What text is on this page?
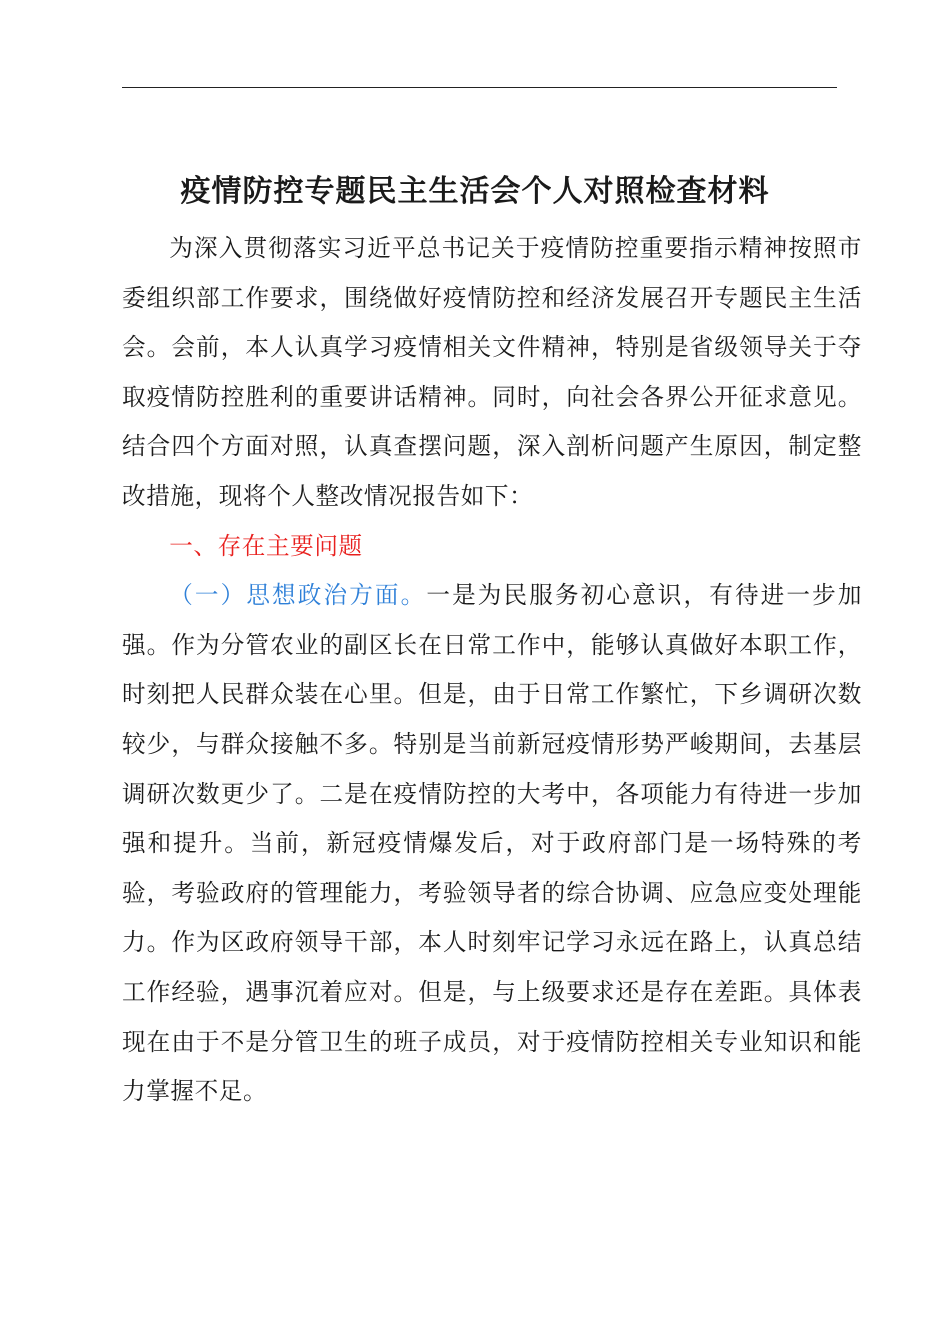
疫情防控专题民主生活会个人对照检查材料

为深入贯彻落实习近平总书记关于疫情防控重要指示精神按照市委组织部工作要求，围绕做好疫情防控和经济发展召开专题民主生活会。会前，本人认真学习疫情相关文件精神，特别是省级领导关于夺取疫情防控胜利的重要讲话精神。同时，向社会各界公开征求意见。结合四个方面对照，认真查摆问题，深入剖析问题产生原因，制定整改措施，现将个人整改情况报告如下：

一、存在主要问题

（一）思想政治方面。一是为民服务初心意识，有待进一步加强。作为分管农业的副区长在日常工作中，能够认真做好本职工作，时刻把人民群众装在心里。但是，由于日常工作繁忙，下乡调研次数较少，与群众接触不多。特别是当前新冠疫情形势严峻期间，去基层调研次数更少了。二是在疫情防控的大考中，各项能力有待进一步加强和提升。当前，新冠疫情爆发后，对于政府部门是一场特殊的考验，考验政府的管理能力，考验领导者的综合协调、应急应变处理能力。作为区政府领导干部，本人时刻牢记学习永远在路上，认真总结工作经验，遇事沉着应对。但是，与上级要求还是存在差距。具体表现在由于不是分管卫生的班子成员，对于疫情防控相关专业知识和能力掌握不足。
